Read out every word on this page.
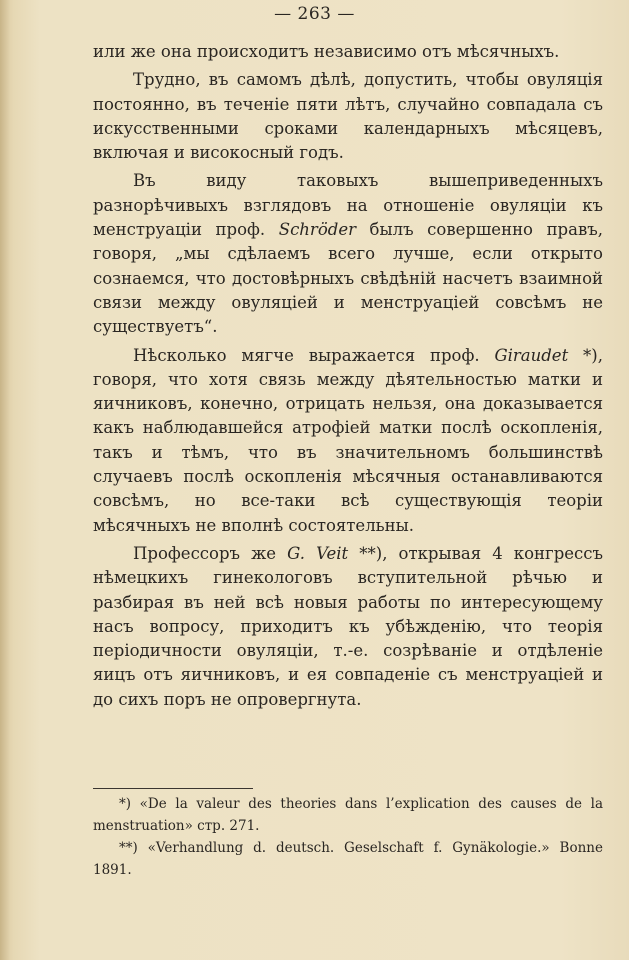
— 263 —

или же она происходитъ независимо отъ мѣсячныхъ.

Трудно, въ самомъ дѣлѣ, допустить, чтобы овуляція постоянно, въ теченіе пяти лѣтъ, случайно совпадала съ искусственными сроками календарныхъ мѣсяцевъ, включая и високосный годъ.

Въ виду таковыхъ вышеприведенныхъ разнорѣчивыхъ взглядовъ на отношеніе овуляціи къ менструаціи проф. Schröder былъ совершенно правъ, говоря, „мы сдѣлаемъ всего лучше, если открыто сознаемся, что достовѣрныхъ свѣдѣній насчетъ взаимной связи между овуляціей и менструаціей совсѣмъ не существуетъ“.

Нѣсколько мягче выражается проф. Giraudet *), говоря, что хотя связь между дѣятельностью матки и яичниковъ, конечно, отрицать нельзя, она доказывается какъ наблюдавшейся атрофіей матки послѣ оскопленія, такъ и тѣмъ, что въ значительномъ большинствѣ случаевъ послѣ оскопленія мѣсячныя останавливаются совсѣмъ, но все-таки всѣ существующія теоріи мѣсячныхъ не вполнѣ состоятельны.

Профессоръ же G. Veit **), открывая 4 конгрессъ нѣмецкихъ гинекологовъ вступительной рѣчью и разбирая въ ней всѣ новыя работы по интересующему насъ вопросу, приходитъ къ убѣжденію, что теорія періодичности овуляціи, т.-е. созрѣваніе и отдѣленіе яицъ отъ яичниковъ, и ея совпаденіе съ менструаціей и до сихъ поръ не опровергнута.

*) «De la valeur des theories dans l’explication des causes de la menstruation» стр. 271.

**) «Verhandlung d. deutsch. Geselschaft f. Gynäkologie.» Bonne 1891.
